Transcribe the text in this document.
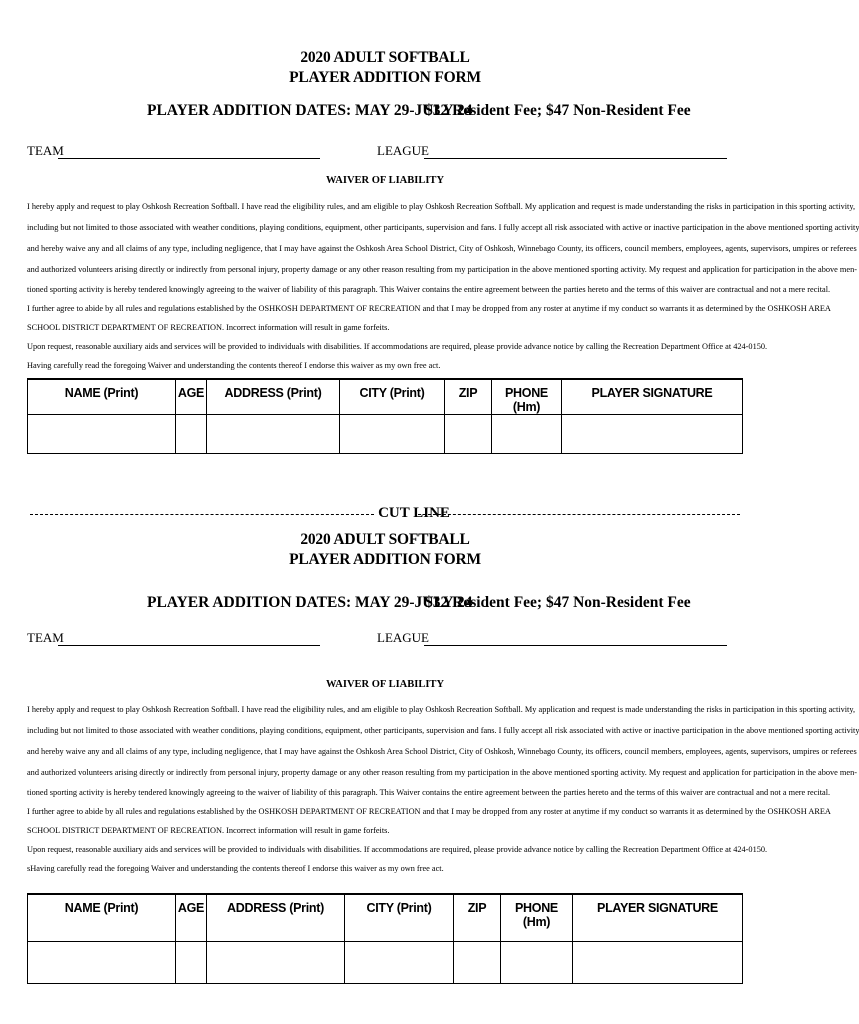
2020 ADULT SOFTBALL
PLAYER ADDITION FORM
PLAYER ADDITION DATES: MAY 29-JULY 24
$32 Resident Fee; $47 Non-Resident Fee
TEAM	LEAGUE
WAIVER OF LIABILITY

I hereby apply and request to play Oshkosh Recreation Softball. I have read the eligibility rules, and am eligible to play Oshkosh Recreation Softball. My application and request is made understanding the risks in participation in this sporting activity,

including but not limited to those associated with weather conditions, playing conditions, equipment, other participants, supervision and fans. I fully accept all risk associated with active or inactive participation in the above mentioned sporting activity

and hereby waive any and all claims of any type, including negligence, that I may have against the Oshkosh Area School District, City of Oshkosh, Winnebago County, its officers, council members, employees, agents, supervisors, umpires or referees

and authorized volunteers arising directly or indirectly from personal injury, property damage or any other reason resulting from my participation in the above mentioned sporting activity. My request and application for participation in the above men-

tioned sporting activity is hereby tendered knowingly agreeing to the waiver of liability of this paragraph. This Waiver contains the entire agreement between the parties hereto and the terms of this waiver are contractual and not a mere recital.

I further agree to abide by all rules and regulations established by the OSHKOSH DEPARTMENT OF RECREATION and that I may be dropped from any roster at anytime if my conduct so warrants it as determined by the OSHKOSH AREA

SCHOOL DISTRICT DEPARTMENT OF RECREATION. Incorrect information will result in game forfeits.

Upon request, reasonable auxiliary aids and services will be provided to individuals with disabilities. If accommodations are required, please provide advance notice by calling the Recreation Department Office at 424-0150.

Having carefully read the foregoing Waiver and understanding the contents thereof I endorse this waiver as my own free act.

NAME (Print)	AGE	ADDRESS (Print)	CITY (Print)	ZIP	PHONE (Hm)	PLAYER SIGNATURE

CUT LINE
2020 ADULT SOFTBALL
PLAYER ADDITION FORM
PLAYER ADDITION DATES: MAY 29-JULY 24
$32 Resident Fee; $47 Non-Resident Fee
TEAM	LEAGUE
WAIVER OF LIABILITY

I hereby apply and request to play Oshkosh Recreation Softball. I have read the eligibility rules, and am eligible to play Oshkosh Recreation Softball. My application and request is made understanding the risks in participation in this sporting activity,

including but not limited to those associated with weather conditions, playing conditions, equipment, other participants, supervision and fans. I fully accept all risk associated with active or inactive participation in the above mentioned sporting activity

and hereby waive any and all claims of any type, including negligence, that I may have against the Oshkosh Area School District, City of Oshkosh, Winnebago County, its officers, council members, employees, agents, supervisors, umpires or referees

and authorized volunteers arising directly or indirectly from personal injury, property damage or any other reason resulting from my participation in the above mentioned sporting activity. My request and application for participation in the above men-

tioned sporting activity is hereby tendered knowingly agreeing to the waiver of liability of this paragraph. This Waiver contains the entire agreement between the parties hereto and the terms of this waiver are contractual and not a mere recital.

I further agree to abide by all rules and regulations established by the OSHKOSH DEPARTMENT OF RECREATION and that I may be dropped from any roster at anytime if my conduct so warrants it as determined by the OSHKOSH AREA

SCHOOL DISTRICT DEPARTMENT OF RECREATION. Incorrect information will result in game forfeits.

Upon request, reasonable auxiliary aids and services will be provided to individuals with disabilities. If accommodations are required, please provide advance notice by calling the Recreation Department Office at 424-0150.

sHaving carefully read the foregoing Waiver and understanding the contents thereof I endorse this waiver as my own free act.

NAME (Print)	AGE	ADDRESS (Print)	CITY (Print)	ZIP	PHONE (Hm)	PLAYER SIGNATURE
